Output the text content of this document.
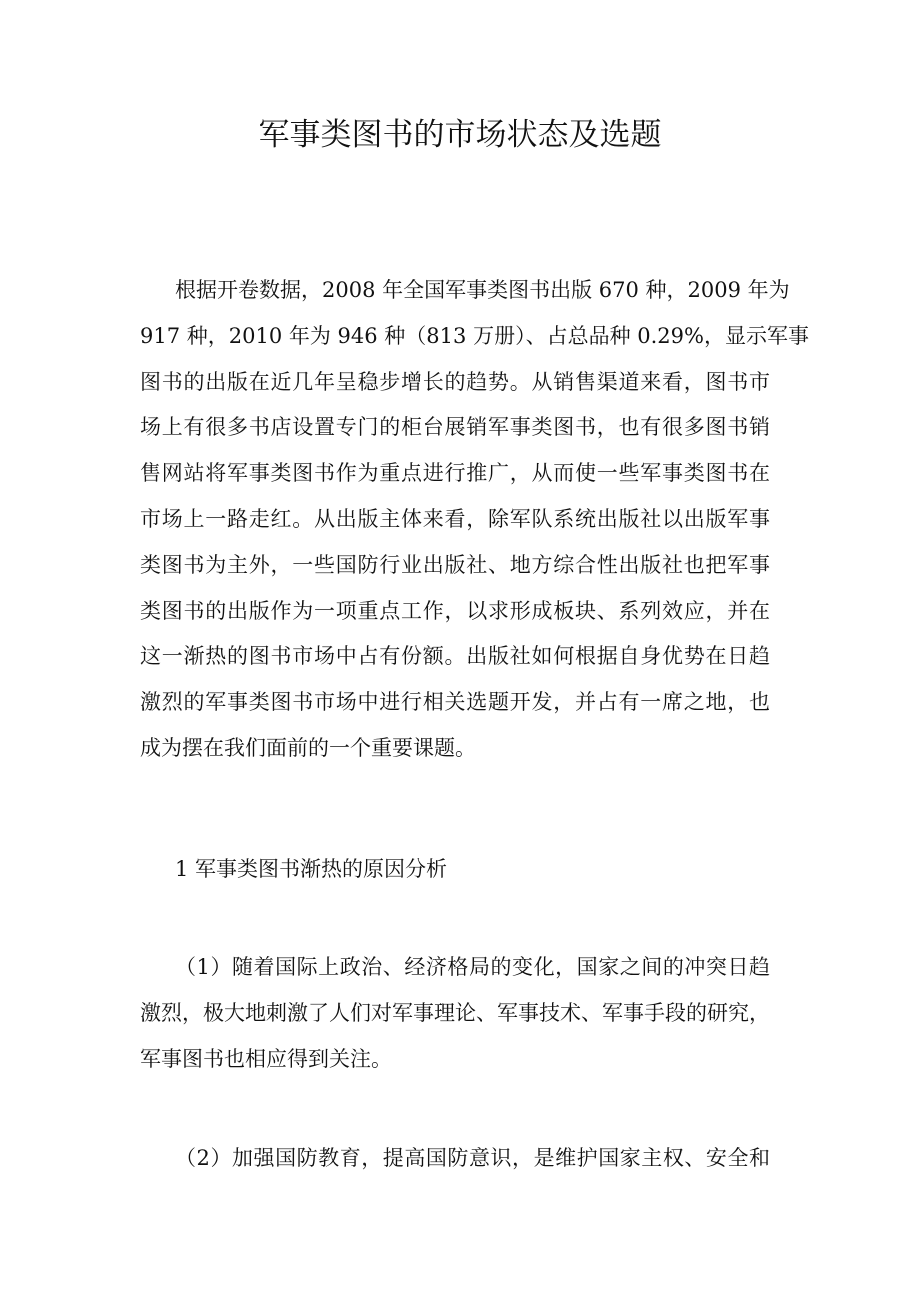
军事类图书的市场状态及选题
根据开卷数据，2008 年全国军事类图书出版 670 种，2009 年为
917 种，2010 年为 946 种（813 万册）、占总品种 0.29%，显示军事
图书的出版在近几年呈稳步增长的趋势。从销售渠道来看，图书市
场上有很多书店设置专门的柜台展销军事类图书，也有很多图书销
售网站将军事类图书作为重点进行推广，从而使一些军事类图书在
市场上一路走红。从出版主体来看，除军队系统出版社以出版军事
类图书为主外，一些国防行业出版社、地方综合性出版社也把军事
类图书的出版作为一项重点工作，以求形成板块、系列效应，并在
这一渐热的图书市场中占有份额。出版社如何根据自身优势在日趋
激烈的军事类图书市场中进行相关选题开发，并占有一席之地，也
成为摆在我们面前的一个重要课题。
1 军事类图书渐热的原因分析
（1）随着国际上政治、经济格局的变化，国家之间的冲突日趋
激烈，极大地刺激了人们对军事理论、军事技术、军事手段的研究，
军事图书也相应得到关注。
（2）加强国防教育，提高国防意识，是维护国家主权、安全和
